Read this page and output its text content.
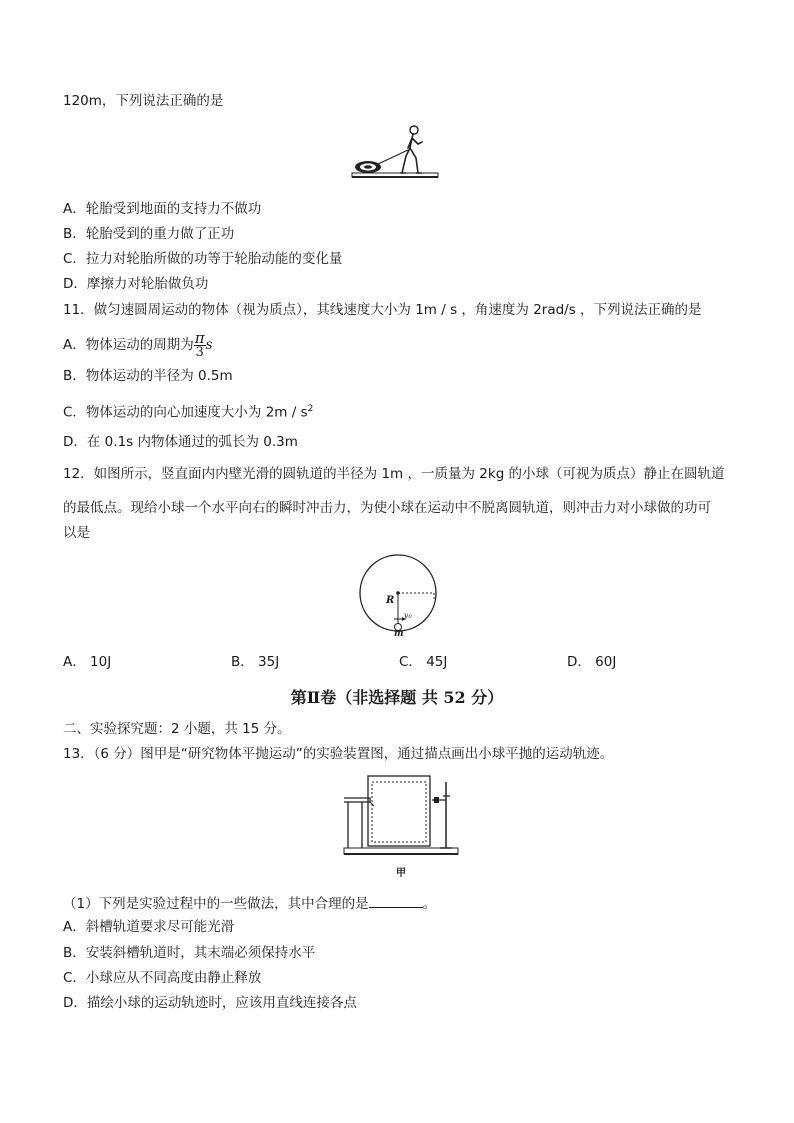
120m，下列说法正确的是
A．轮胎受到地面的支持力不做功
B．轮胎受到的重力做了正功
C．拉力对轮胎所做的功等于轮胎动能的变化量
D．摩擦力对轮胎做负功
11．做匀速圆周运动的物体（视为质点），其线速度大小为 1m / s ，角速度为 2rad/s ，下列说法正确的是
A．物体运动的周期为 $\frac{\pi}{3}$ s
B．物体运动的半径为 0.5m
C．物体运动的向心加速度大小为 $2m / s^2$
D．在 0.1s 内物体通过的弧长为 0.3m
12．如图所示，竖直面内内壁光滑的圆轨道的半径为 1m ，一质量为 2kg 的小球（可视为质点）静止在圆轨道
的最低点。现给小球一个水平向右的瞬时冲击力，为使小球在运动中不脱离圆轨道，则冲击力对小球做的功可
以是
R
v₀
m
A． 10J	B． 35J	C． 45J	D． 60J
第Ⅱ卷（非选择题 共 52 分）
二、实验探究题：2 小题，共 15 分。
13．（6 分）图甲是“研究物体平抛运动”的实验装置图，通过描点画出小球平抛的运动轨迹。
甲
（1）下列是实验过程中的一些做法，其中合理的是	。
A．斜槽轨道要求尽可能光滑
B．安装斜槽轨道时，其末端必须保持水平
C．小球应从不同高度由静止释放
D．描绘小球的运动轨迹时，应该用直线连接各点
